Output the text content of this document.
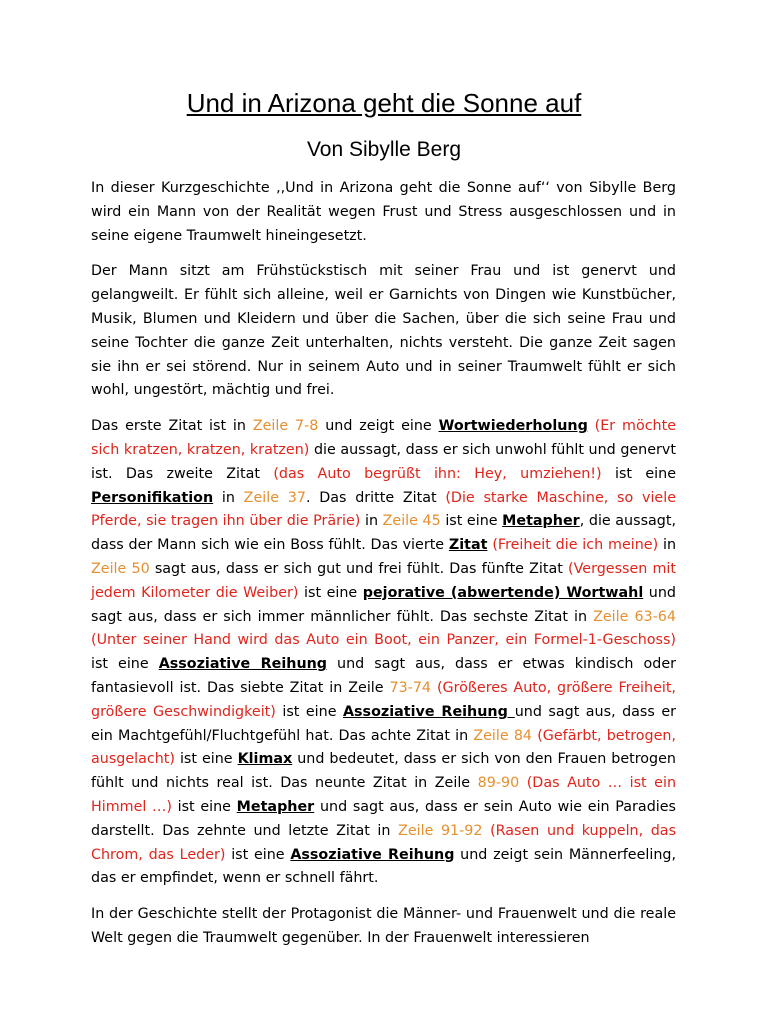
Und in Arizona geht die Sonne auf
Von Sibylle Berg

In dieser Kurzgeschichte ,,Und in Arizona geht die Sonne auf‘‘ von Sibylle Berg wird ein Mann von der Realität wegen Frust und Stress ausgeschlossen und in seine eigene Traumwelt hineingesetzt.

Der Mann sitzt am Frühstückstisch mit seiner Frau und ist genervt und gelangweilt. Er fühlt sich alleine, weil er Garnichts von Dingen wie Kunstbücher, Musik, Blumen und Kleidern und über die Sachen, über die sich seine Frau und seine Tochter die ganze Zeit unterhalten, nichts versteht. Die ganze Zeit sagen sie ihn er sei störend. Nur in seinem Auto und in seiner Traumwelt fühlt er sich wohl, ungestört, mächtig und frei.

Das erste Zitat ist in Zeile 7-8 und zeigt eine Wortwiederholung (Er möchte sich kratzen, kratzen, kratzen) die aussagt, dass er sich unwohl fühlt und genervt ist. Das zweite Zitat (das Auto begrüßt ihn: Hey, umziehen!) ist eine Personifikation in Zeile 37. Das dritte Zitat (Die starke Maschine, so viele Pferde, sie tragen ihn über die Prärie) in Zeile 45 ist eine Metapher, die aussagt, dass der Mann sich wie ein Boss fühlt. Das vierte Zitat (Freiheit die ich meine) in Zeile 50 sagt aus, dass er sich gut und frei fühlt. Das fünfte Zitat (Vergessen mit jedem Kilometer die Weiber) ist eine pejorative (abwertende) Wortwahl und sagt aus, dass er sich immer männlicher fühlt. Das sechste Zitat in Zeile 63-64 (Unter seiner Hand wird das Auto ein Boot, ein Panzer, ein Formel-1-Geschoss) ist eine Assoziative Reihung und sagt aus, dass er etwas kindisch oder fantasievoll ist. Das siebte Zitat in Zeile 73-74 (Größeres Auto, größere Freiheit, größere Geschwindigkeit) ist eine Assoziative Reihung und sagt aus, dass er ein Machtgefühl/Fluchtgefühl hat. Das achte Zitat in Zeile 84 (Gefärbt, betrogen, ausgelacht) ist eine Klimax und bedeutet, dass er sich von den Frauen betrogen fühlt und nichts real ist. Das neunte Zitat in Zeile 89-90 (Das Auto … ist ein Himmel …) ist eine Metapher und sagt aus, dass er sein Auto wie ein Paradies darstellt. Das zehnte und letzte Zitat in Zeile 91-92 (Rasen und kuppeln, das Chrom, das Leder) ist eine Assoziative Reihung und zeigt sein Männerfeeling, das er empfindet, wenn er schnell fährt.

In der Geschichte stellt der Protagonist die Männer- und Frauenwelt und die reale Welt gegen die Traumwelt gegenüber. In der Frauenwelt interessieren
